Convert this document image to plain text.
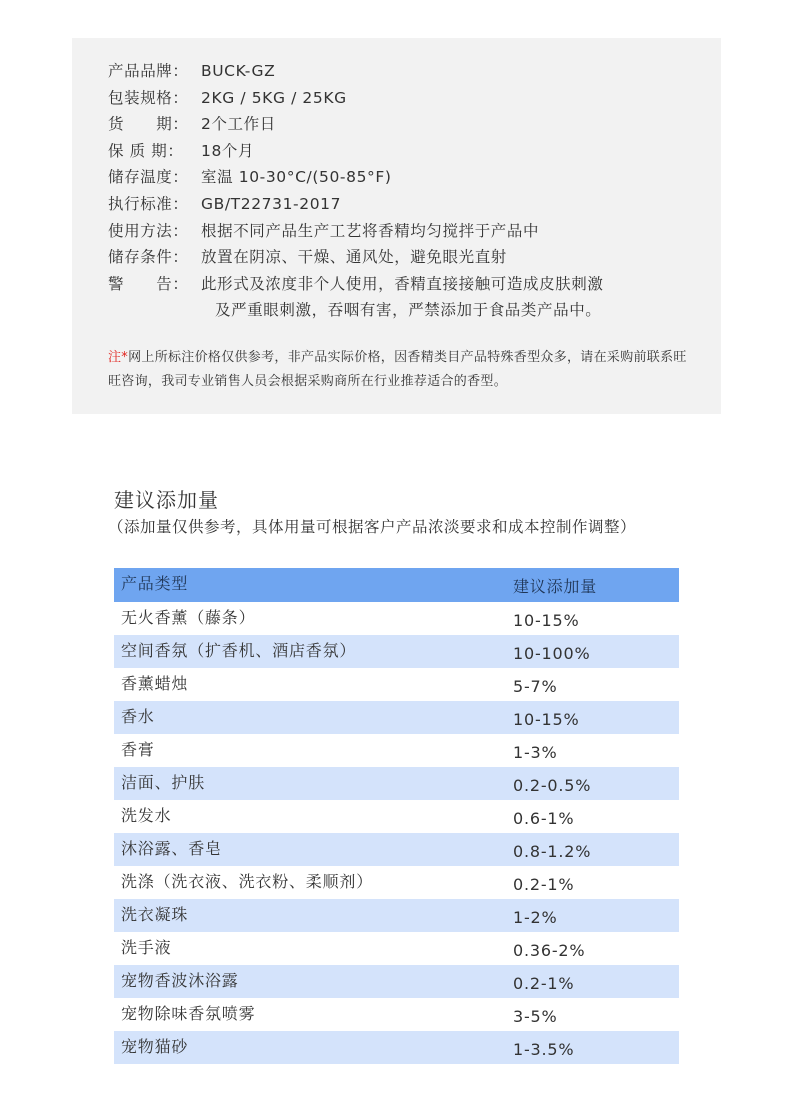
产品品牌： BUCK-GZ
包装规格： 2KG / 5KG / 25KG
货　　期： 2个工作日
保 质 期： 18个月
储存温度： 室温 10-30°C/(50-85°F)
执行标准： GB/T22731-2017
使用方法： 根据不同产品生产工艺将香精均匀搅拌于产品中
储存条件： 放置在阴凉、干燥、通风处，避免眼光直射
警　　告： 此形式及浓度非个人使用，香精直接接触可造成皮肤刺激
及严重眼刺激，吞咽有害，严禁添加于食品类产品中。
注*网上所标注价格仅供参考，非产品实际价格，因香精类目产品特殊香型众多，请在采购前联系旺旺咨询，我司专业销售人员会根据采购商所在行业推荐适合的香型。
建议添加量
（添加量仅供参考，具体用量可根据客户产品浓淡要求和成本控制作调整）
产品类型	建议添加量
无火香薰（藤条）	10-15%
空间香氛（扩香机、酒店香氛）	10-100%
香薰蜡烛	5-7%
香水	10-15%
香膏	1-3%
洁面、护肤	0.2-0.5%
洗发水	0.6-1%
沐浴露、香皂	0.8-1.2%
洗涤（洗衣液、洗衣粉、柔顺剂）	0.2-1%
洗衣凝珠	1-2%
洗手液	0.36-2%
宠物香波沐浴露	0.2-1%
宠物除味香氛喷雾	3-5%
宠物猫砂	1-3.5%
